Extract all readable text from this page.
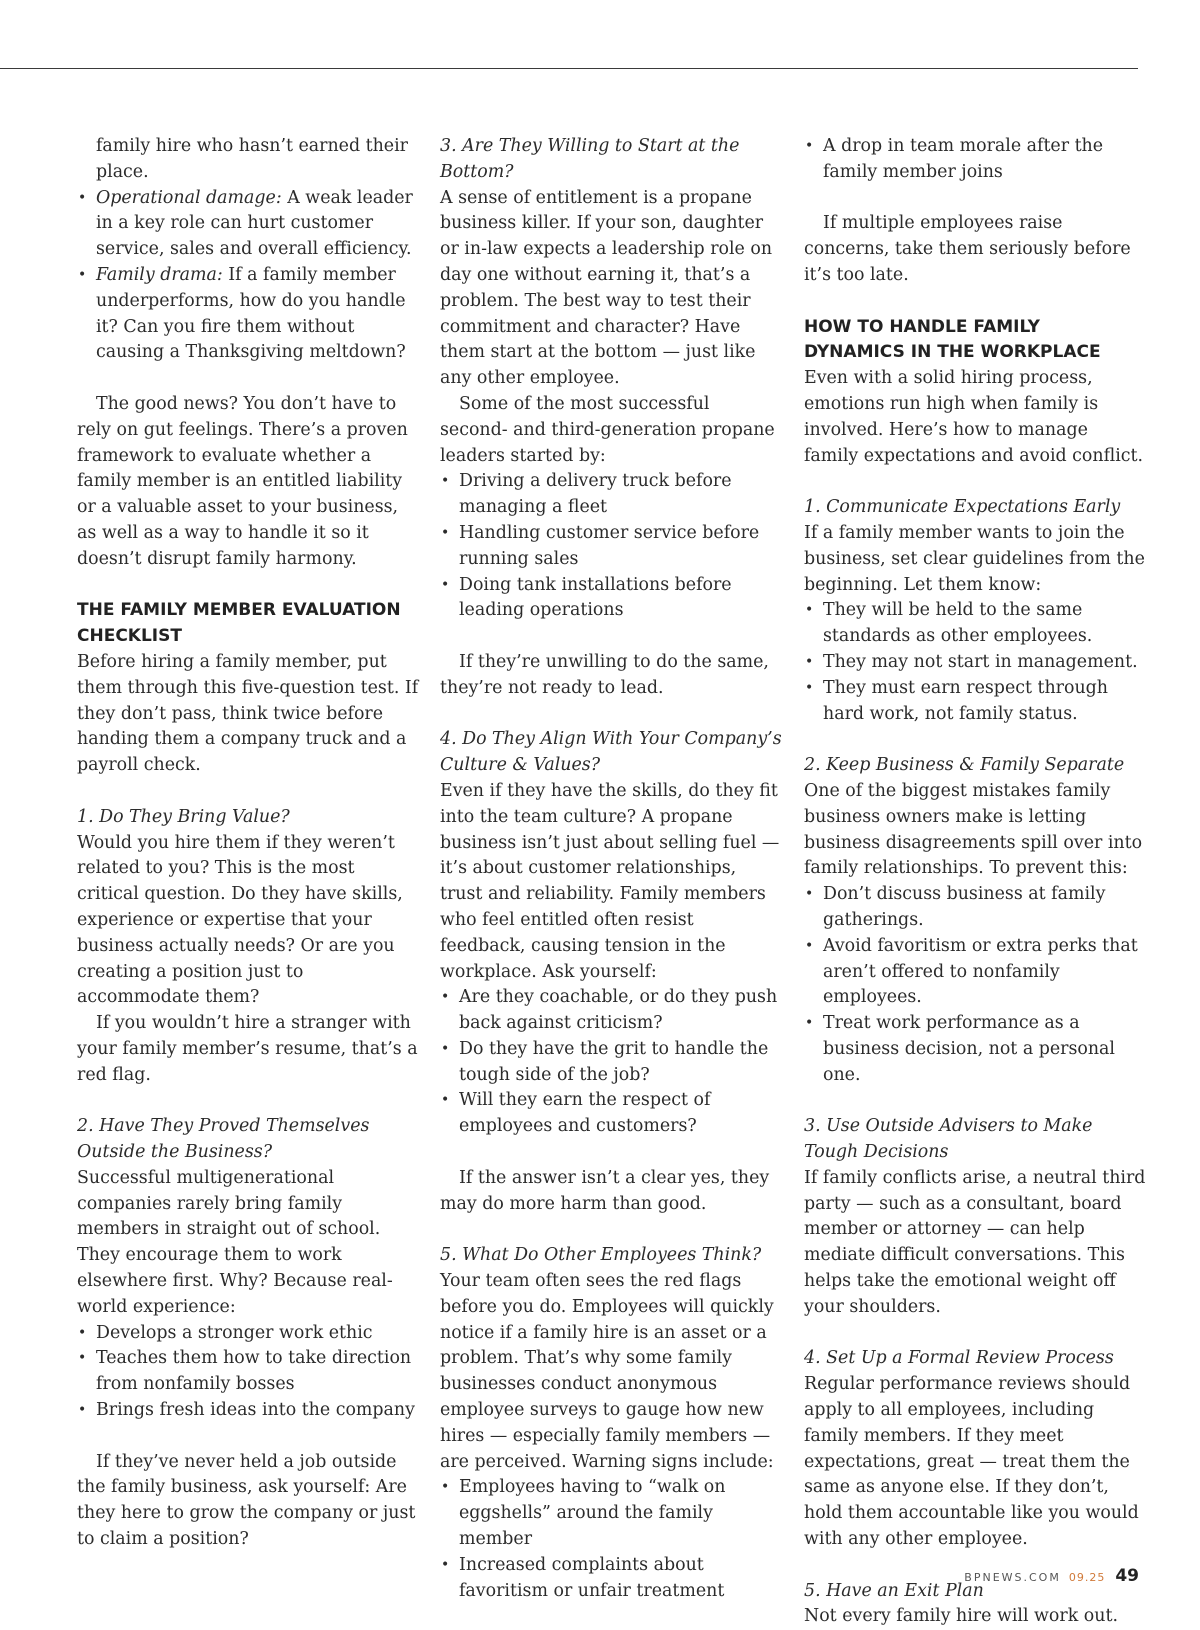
family hire who hasn’t earned their place.

• Operational damage: A weak leader in a key role can hurt customer service, sales and overall efficiency.
• Family drama: If a family member underperforms, how do you handle it? Can you fire them without causing a Thanksgiving meltdown?

The good news? You don’t have to rely on gut feelings. There’s a proven framework to evaluate whether a family member is an entitled liability or a valuable asset to your business, as well as a way to handle it so it doesn’t disrupt family harmony.

THE FAMILY MEMBER EVALUATION CHECKLIST

Before hiring a family member, put them through this five-question test. If they don’t pass, think twice before handing them a company truck and a payroll check.

1. Do They Bring Value?

Would you hire them if they weren’t related to you? This is the most critical question. Do they have skills, experience or expertise that your business actually needs? Or are you creating a position just to accommodate them?

If you wouldn’t hire a stranger with your family member’s resume, that’s a red flag.

2. Have They Proved Themselves Outside the Business?

Successful multigenerational companies rarely bring family members in straight out of school. They encourage them to work elsewhere first. Why? Because real-world experience:

• Develops a stronger work ethic
• Teaches them how to take direction from nonfamily bosses
• Brings fresh ideas into the company

If they’ve never held a job outside the family business, ask yourself: Are they here to grow the company or just to claim a position?

3. Are They Willing to Start at the Bottom?

A sense of entitlement is a propane business killer. If your son, daughter or in-law expects a leadership role on day one without earning it, that’s a problem. The best way to test their commitment and character? Have them start at the bottom — just like any other employee.

Some of the most successful second- and third-generation propane leaders started by:

• Driving a delivery truck before managing a fleet
• Handling customer service before running sales
• Doing tank installations before leading operations

If they’re unwilling to do the same, they’re not ready to lead.

4. Do They Align With Your Company’s Culture & Values?

Even if they have the skills, do they fit into the team culture? A propane business isn’t just about selling fuel — it’s about customer relationships, trust and reliability. Family members who feel entitled often resist feedback, causing tension in the workplace. Ask yourself:

• Are they coachable, or do they push back against criticism?
• Do they have the grit to handle the tough side of the job?
• Will they earn the respect of employees and customers?

If the answer isn’t a clear yes, they may do more harm than good.

5. What Do Other Employees Think?

Your team often sees the red flags before you do. Employees will quickly notice if a family hire is an asset or a problem. That’s why some family businesses conduct anonymous employee surveys to gauge how new hires — especially family members — are perceived. Warning signs include:

• Employees having to “walk on eggshells” around the family member
• Increased complaints about favoritism or unfair treatment
• A drop in team morale after the family member joins

If multiple employees raise concerns, take them seriously before it’s too late.

HOW TO HANDLE FAMILY DYNAMICS IN THE WORKPLACE

Even with a solid hiring process, emotions run high when family is involved. Here’s how to manage family expectations and avoid conflict.

1. Communicate Expectations Early

If a family member wants to join the business, set clear guidelines from the beginning. Let them know:

• They will be held to the same standards as other employees.
• They may not start in management.
• They must earn respect through hard work, not family status.

2. Keep Business & Family Separate

One of the biggest mistakes family business owners make is letting business disagreements spill over into family relationships. To prevent this:

• Don’t discuss business at family gatherings.
• Avoid favoritism or extra perks that aren’t offered to nonfamily employees.
• Treat work performance as a business decision, not a personal one.

3. Use Outside Advisers to Make Tough Decisions

If family conflicts arise, a neutral third party — such as a consultant, board member or attorney — can help mediate difficult conversations. This helps take the emotional weight off your shoulders.

4. Set Up a Formal Review Process

Regular performance reviews should apply to all employees, including family members. If they meet expectations, great — treat them the same as anyone else. If they don’t, hold them accountable like you would with any other employee.

5. Have an Exit Plan

Not every family hire will work out.

BPNEWS.COM 09.25 49
